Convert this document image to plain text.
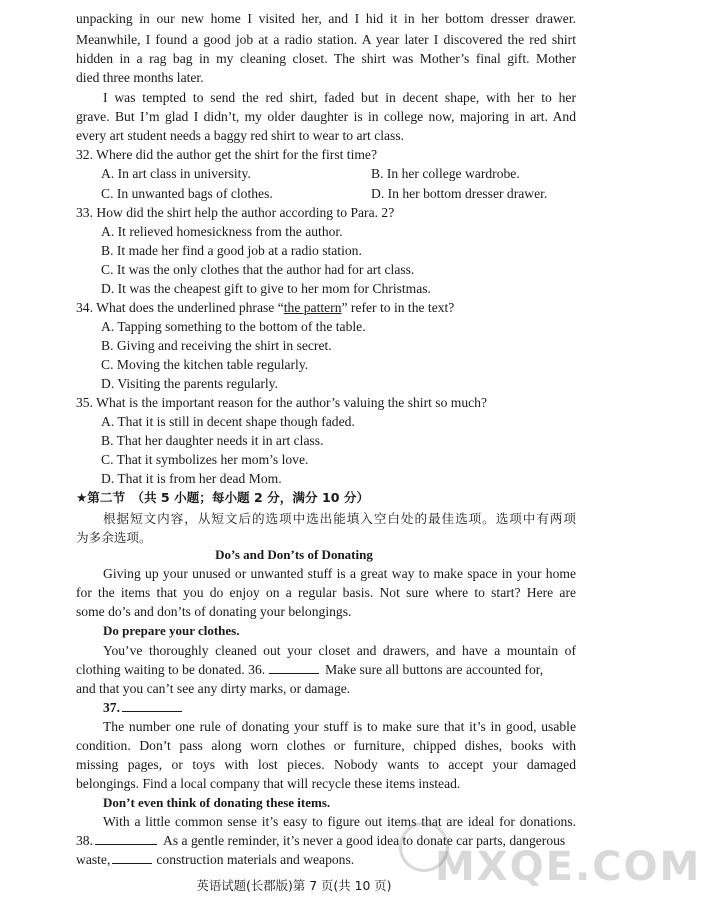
unpacking in our new home I visited her, and I hid it in her bottom dresser drawer.
Meanwhile, I found a good job at a radio station. A year later I discovered the red shirt
hidden in a rag bag in my cleaning closet. The shirt was Mother’s final gift. Mother
died three months later.
I was tempted to send the red shirt, faded but in decent shape, with her to her
grave. But I’m glad I didn’t, my older daughter is in college now, majoring in art. And
every art student needs a baggy red shirt to wear to art class.
32. Where did the author get the shirt for the first time?
A. In art class in university.	B. In her college wardrobe.
C. In unwanted bags of clothes.	D. In her bottom dresser drawer.
33. How did the shirt help the author according to Para. 2?
A. It relieved homesickness from the author.
B. It made her find a good job at a radio station.
C. It was the only clothes that the author had for art class.
D. It was the cheapest gift to give to her mom for Christmas.
34. What does the underlined phrase “the pattern” refer to in the text?
A. Tapping something to the bottom of the table.
B. Giving and receiving the shirt in secret.
C. Moving the kitchen table regularly.
D. Visiting the parents regularly.
35. What is the important reason for the author’s valuing the shirt so much?
A. That it is still in decent shape though faded.
B. That her daughter needs it in art class.
C. That it symbolizes her mom’s love.
D. That it is from her dead Mom.
★第二节　（共 5 小题；每小题 2 分，满分 10 分）
根据短文内容，从短文后的选项中选出能填入空白处的最佳选项。选项中有两项
为多余选项。
Do’s and Don’ts of Donating
Giving up your unused or unwanted stuff is a great way to make space in your home
for the items that you do enjoy on a regular basis. Not sure where to start? Here are
some do’s and don’ts of donating your belongings.
Do prepare your clothes.
You’ve thoroughly cleaned out your closet and drawers, and have a mountain of
clothing waiting to be donated. 36.	Make sure all buttons are accounted for,
and that you can’t see any dirty marks, or damage.
37.
The number one rule of donating your stuff is to make sure that it’s in good, usable
condition. Don’t pass along worn clothes or furniture, chipped dishes, books with
missing pages, or toys with lost pieces. Nobody wants to accept your damaged
belongings. Find a local company that will recycle these items instead.
Don’t even think of donating these items.
With a little common sense it’s easy to figure out items that are ideal for donations.
38.	As a gentle reminder, it’s never a good idea to donate car parts, dangerous
waste,	construction materials and weapons.
英语试题(长郡版)第 7 页(共 10 页)	MXQE.COM
